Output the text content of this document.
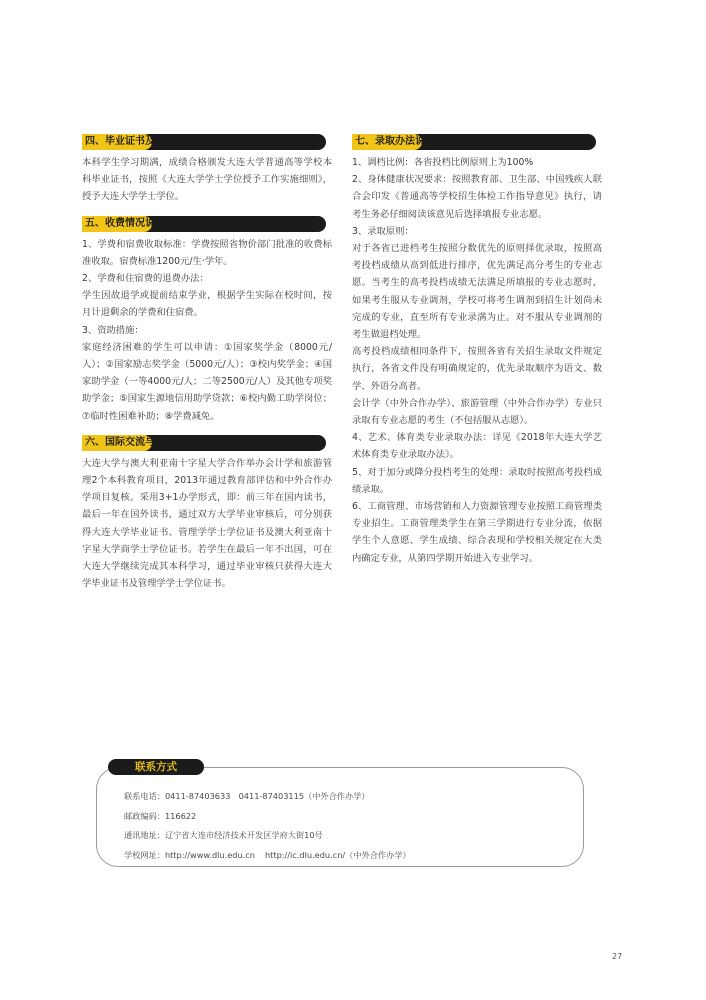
四、毕业证书及学位证书说明

本科学生学习期满，成绩合格颁发大连大学普通高等学校本科毕业证书，按照《大连大学学士学位授予工作实施细则》，授予大连大学学士学位。

五、收费情况说明

1、学费和宿费收取标准：学费按照省物价部门批准的收费标准收取。宿费标准1200元/生·学年。

2、学费和住宿费的退费办法：

学生因故退学或提前结束学业，根据学生实际在校时间，按月计退剩余的学费和住宿费。

3、资助措施：

家庭经济困难的学生可以申请：①国家奖学金（8000元/人）；②国家励志奖学金（5000元/人）；③校内奖学金；④国家助学金（一等4000元/人；二等2500元/人）及其他专项奖助学金；⑤国家生源地信用助学贷款；⑥校内勤工助学岗位；⑦临时性困难补助；⑧学费减免。

六、国际交流与合作方面说明

大连大学与澳大利亚南十字星大学合作举办会计学和旅游管理2个本科教育项目，2013年通过教育部评估和中外合作办学项目复核。采用3+1办学形式，即：前三年在国内读书，最后一年在国外读书，通过双方大学毕业审核后，可分别获得大连大学毕业证书、管理学学士学位证书及澳大利亚南十字星大学商学士学位证书。若学生在最后一年不出国，可在大连大学继续完成其本科学习，通过毕业审核只获得大连大学毕业证书及管理学学士学位证书。

七、录取办法说明

1、调档比例：各省投档比例原则上为100%

2、身体健康状况要求：按照教育部、卫生部、中国残疾人联合会印发《普通高等学校招生体检工作指导意见》执行，请考生务必仔细阅读该意见后选择填报专业志愿。

3、录取原则：

对于各省已进档考生按照分数优先的原则择优录取，按照高考投档成绩从高到低进行排序，优先满足高分考生的专业志愿。当考生的高考投档成绩无法满足所填报的专业志愿时，如果考生服从专业调剂，学校可将考生调剂到招生计划尚未完成的专业，直至所有专业录满为止。对不服从专业调剂的考生做退档处理。

高考投档成绩相同条件下，按照各省有关招生录取文件规定执行，各省文件没有明确规定的，优先录取顺序为语文、数学、外语分高者。

会计学（中外合作办学）、旅游管理（中外合作办学）专业只录取有专业志愿的考生（不包括服从志愿）。

4、艺术、体育类专业录取办法：详见《2018年大连大学艺术体育类专业录取办法》。

5、对于加分或降分投档考生的处理：录取时按照高考投档成绩录取。

6、工商管理、市场营销和人力资源管理专业按照工商管理类专业招生。工商管理类学生在第三学期进行专业分流，依据学生个人意愿、学生成绩、综合表现和学校相关规定在大类内确定专业，从第四学期开始进入专业学习。

联系方式
联系电话：0411-87403633　0411-87403115（中外合作办学）
邮政编码：116622
通讯地址：辽宁省大连市经济技术开发区学府大街10号
学校网址：http://www.dlu.edu.cn http://ic.dlu.edu.cn/（中外合作办学）
27
